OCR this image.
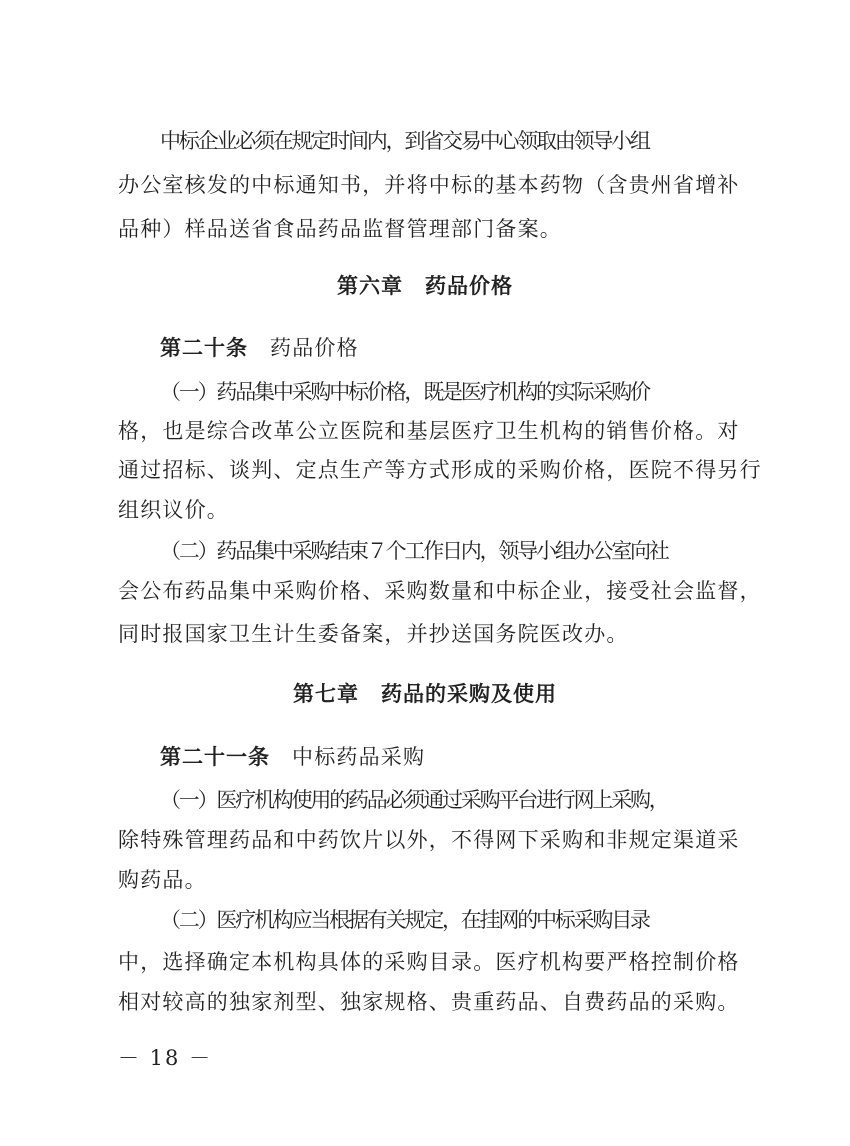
中标企业必须在规定时间内，到省交易中心领取由领导小组
办公室核发的中标通知书，并将中标的基本药物（含贵州省增补
品种）样品送省食品药品监督管理部门备案。
第六章　药品价格
第二十条 药品价格
（一）药品集中采购中标价格，既是医疗机构的实际采购价
格，也是综合改革公立医院和基层医疗卫生机构的销售价格。对
通过招标、谈判、定点生产等方式形成的采购价格，医院不得另行
组织议价。
（二）药品集中采购结束７个工作日内，领导小组办公室向社
会公布药品集中采购价格、采购数量和中标企业，接受社会监督，
同时报国家卫生计生委备案，并抄送国务院医改办。
第七章　药品的采购及使用
第二十一条 中标药品采购
（一）医疗机构使用的药品必须通过采购平台进行网上采购，
除特殊管理药品和中药饮片以外，不得网下采购和非规定渠道采
购药品。
（二）医疗机构应当根据有关规定，在挂网的中标采购目录
中，选择确定本机构具体的采购目录。医疗机构要严格控制价格
相对较高的独家剂型、独家规格、贵重药品、自费药品的采购。
－ 18 －
